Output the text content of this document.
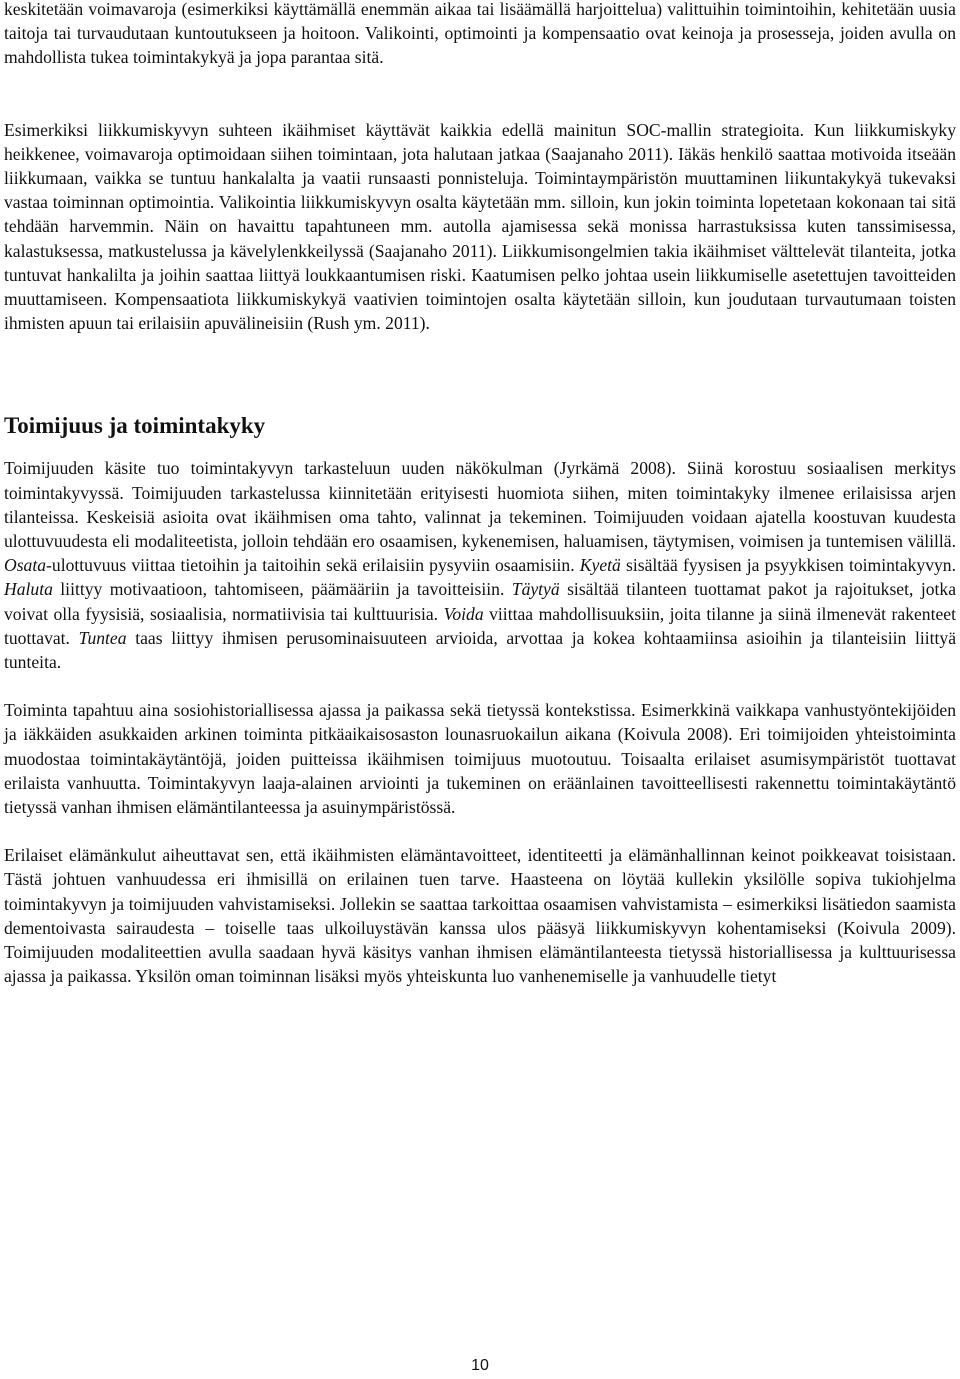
keskitetään voimavaroja (esimerkiksi käyttämällä enemmän aikaa tai lisäämällä harjoittelua) valittuihin toimintoihin, kehitetään uusia taitoja tai turvaudutaan kuntoutukseen ja hoitoon. Valikointi, optimointi ja kompensaatio ovat keinoja ja prosesseja, joiden avulla on mahdollista tukea toimintakykyä ja jopa parantaa sitä.

Esimerkiksi liikkumiskyvyn suhteen ikäihmiset käyttävät kaikkia edellä mainitun SOC-mallin strategioita. Kun liikkumiskyky heikkenee, voimavaroja optimoidaan siihen toimintaan, jota halutaan jatkaa (Saajanaho 2011). Iäkäs henkilö saattaa motivoida itseään liikkumaan, vaikka se tuntuu hankalalta ja vaatii runsaasti ponnisteluja. Toimintaympäristön muuttaminen liikuntakykyä tukevaksi vastaa toiminnan optimointia. Valikointia liikkumiskyvyn osalta käytetään mm. silloin, kun jokin toiminta lopetetaan kokonaan tai sitä tehdään harvemmin. Näin on havaittu tapahtuneen mm. autolla ajamisessa sekä monissa harrastuksissa kuten tanssimisessa, kalastuksessa, matkustelussa ja kävelylenkkeilyssä (Saajanaho 2011). Liikkumisongelmien takia ikäihmiset välttelevät tilanteita, jotka tuntuvat hankalilta ja joihin saattaa liittyä loukkaantumisen riski. Kaatumisen pelko johtaa usein liikkumiselle asetettujen tavoitteiden muuttamiseen. Kompensaatiota liikkumiskykyä vaativien toimintojen osalta käytetään silloin, kun joudutaan turvautumaan toisten ihmisten apuun tai erilaisiin apuvälineisiin (Rush ym. 2011).

Toimijuus ja toimintakyky

Toimijuuden käsite tuo toimintakyvyn tarkasteluun uuden näkökulman (Jyrkämä 2008). Siinä korostuu sosiaalisen merkitys toimintakyvyssä. Toimijuuden tarkastelussa kiinnitetään erityisesti huomiota siihen, miten toimintakyky ilmenee erilaisissa arjen tilanteissa. Keskeisiä asioita ovat ikäihmisen oma tahto, valinnat ja tekeminen. Toimijuuden voidaan ajatella koostuvan kuudesta ulottuvuudesta eli modaliteetista, jolloin tehdään ero osaamisen, kykenemisen, haluamisen, täytymisen, voimisen ja tuntemisen välillä. Osata-ulottuvuus viittaa tietoihin ja taitoihin sekä erilaisiin pysyviin osaamisiin. Kyetä sisältää fyysisen ja psyykkisen toimintakyvyn. Haluta liittyy motivaatioon, tahtomiseen, päämääriin ja tavoitteisiin. Täytyä sisältää tilanteen tuottamat pakot ja rajoitukset, jotka voivat olla fyysisiä, sosiaalisia, normatiivisia tai kulttuurisia. Voida viittaa mahdollisuuksiin, joita tilanne ja siinä ilmenevät rakenteet tuottavat. Tuntea taas liittyy ihmisen perusominaisuuteen arvioida, arvottaa ja kokea kohtaamiinsa asioihin ja tilanteisiin liittyä tunteita.

Toiminta tapahtuu aina sosiohistoriallisessa ajassa ja paikassa sekä tietyssä kontekstissa. Esimerkkinä vaikkapa vanhustyöntekijöiden ja iäkkäiden asukkaiden arkinen toiminta pitkäaikaisosaston lounasruokailun aikana (Koivula 2008). Eri toimijoiden yhteistoiminta muodostaa toimintakäytäntöjä, joiden puitteissa ikäihmisen toimijuus muotoutuu. Toisaalta erilaiset asumisympäristöt tuottavat erilaista vanhuutta. Toimintakyvyn laaja-alainen arviointi ja tukeminen on eräänlainen tavoitteellisesti rakennettu toimintakäytäntö tietyssä vanhan ihmisen elämäntilanteessa ja asuinympäristössä.

Erilaiset elämänkulut aiheuttavat sen, että ikäihmisten elämäntavoitteet, identiteetti ja elämänhallinnan keinot poikkeavat toisistaan. Tästä johtuen vanhuudessa eri ihmisillä on erilainen tuen tarve. Haasteena on löytää kullekin yksilölle sopiva tukiohjelma toimintakyvyn ja toimijuuden vahvistamiseksi. Jollekin se saattaa tarkoittaa osaamisen vahvistamista – esimerkiksi lisätiedon saamista dementoivasta sairaudesta – toiselle taas ulkoiluystävän kanssa ulos pääsyä liikkumiskyvyn kohentamiseksi (Koivula 2009). Toimijuuden modaliteettien avulla saadaan hyvä käsitys vanhan ihmisen elämäntilanteesta tietyssä historiallisessa ja kulttuurisessa ajassa ja paikassa. Yksilön oman toiminnan lisäksi myös yhteiskunta luo vanhenemiselle ja vanhuudelle tietyt

10
